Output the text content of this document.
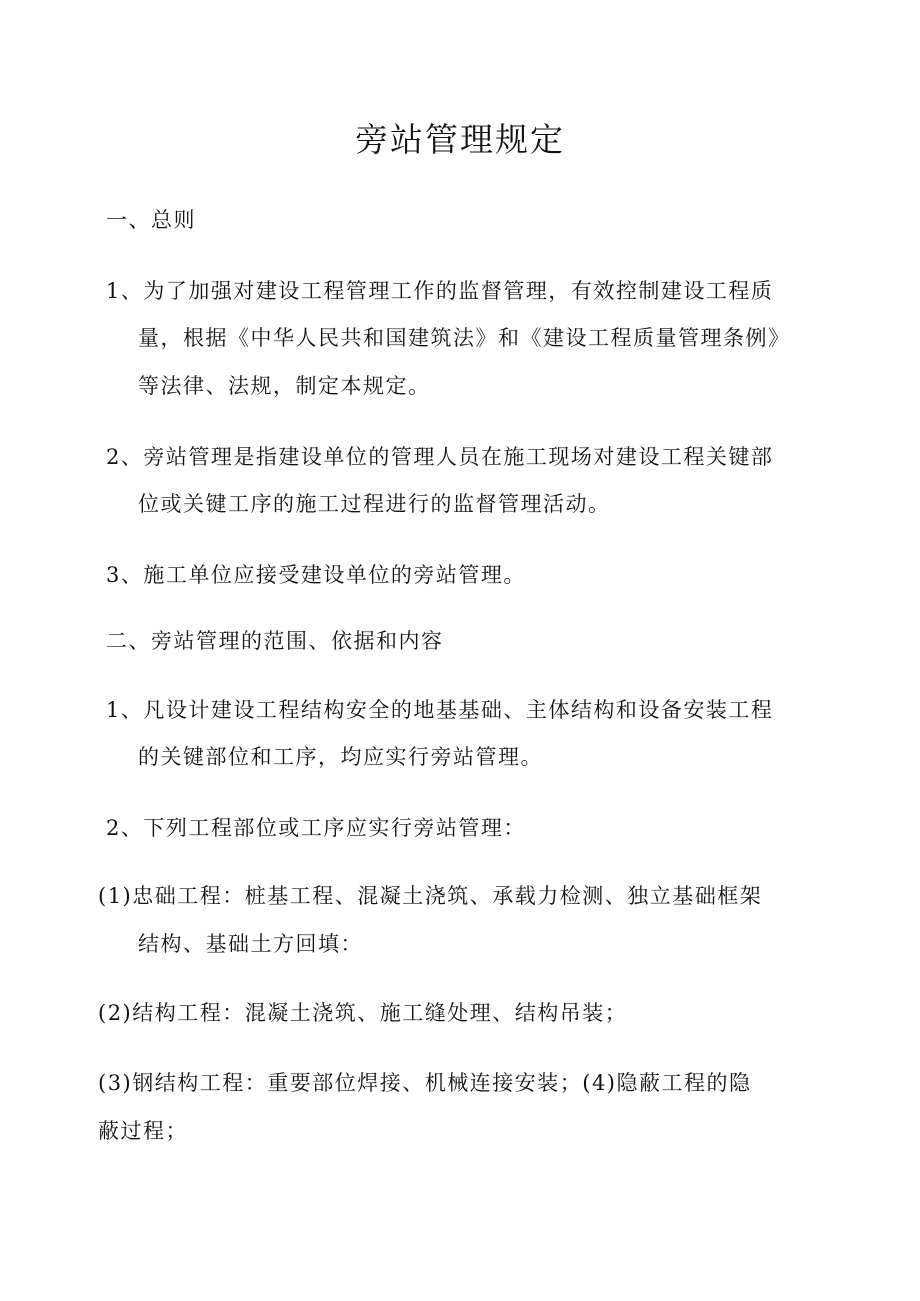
旁站管理规定
一、总则
1、为了加强对建设工程管理工作的监督管理，有效控制建设工程质
量，根据《中华人民共和国建筑法》和《建设工程质量管理条例》
等法律、法规，制定本规定。
2、旁站管理是指建设单位的管理人员在施工现场对建设工程关键部
位或关键工序的施工过程进行的监督管理活动。
3、施工单位应接受建设单位的旁站管理。
二、旁站管理的范围、依据和内容
1、凡设计建设工程结构安全的地基基础、主体结构和设备安装工程
的关键部位和工序，均应实行旁站管理。
2、下列工程部位或工序应实行旁站管理：
(1)忠础工程：桩基工程、混凝土浇筑、承载力检测、独立基础框架
结构、基础土方回填：
(2)结构工程：混凝土浇筑、施工缝处理、结构吊装；
(3)钢结构工程：重要部位焊接、机械连接安装；(4)隐蔽工程的隐
蔽过程；
